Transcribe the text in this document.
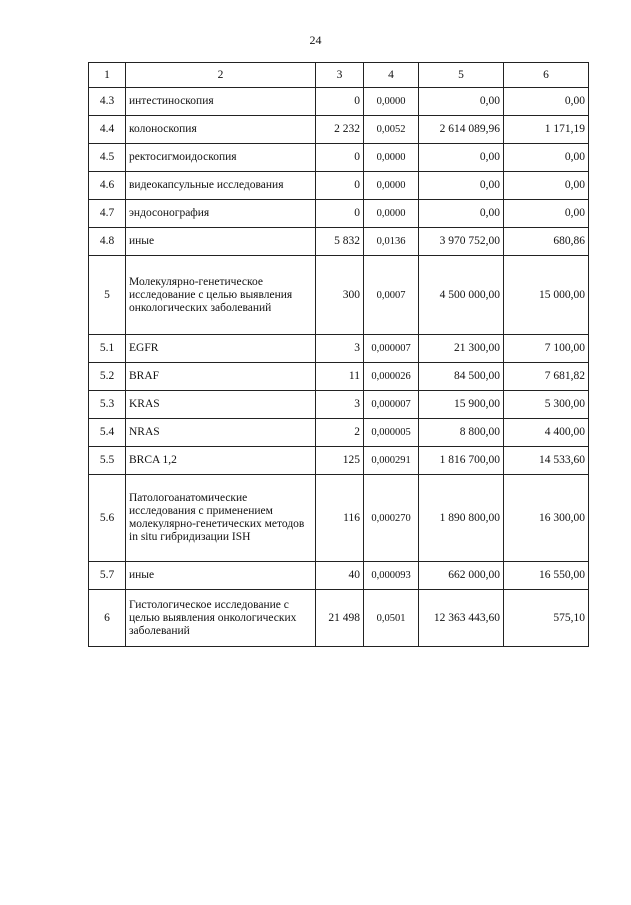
24
1	2	3	4	5	6
4.3	интестиноскопия	0	0,0000	0,00	0,00
4.4	колоноскопия	2 232	0,0052	2 614 089,96	1 171,19
4.5	ректосигмоидоскопия	0	0,0000	0,00	0,00
4.6	видеокапсульные исследования	0	0,0000	0,00	0,00
4.7	эндосонография	0	0,0000	0,00	0,00
4.8	иные	5 832	0,0136	3 970 752,00	680,86
5	Молекулярно-генетическое исследование с целью выявления онкологических заболеваний	300	0,0007	4 500 000,00	15 000,00
5.1	EGFR	3	0,000007	21 300,00	7 100,00
5.2	BRAF	11	0,000026	84 500,00	7 681,82
5.3	KRAS	3	0,000007	15 900,00	5 300,00
5.4	NRAS	2	0,000005	8 800,00	4 400,00
5.5	BRCA 1,2	125	0,000291	1 816 700,00	14 533,60
5.6	Патологоанатомические исследования с применением молекулярно-генетических методов in situ гибридизации ISH	116	0,000270	1 890 800,00	16 300,00
5.7	иные	40	0,000093	662 000,00	16 550,00
6	Гистологическое исследование с целью выявления онкологических заболеваний	21 498	0,0501	12 363 443,60	575,10
